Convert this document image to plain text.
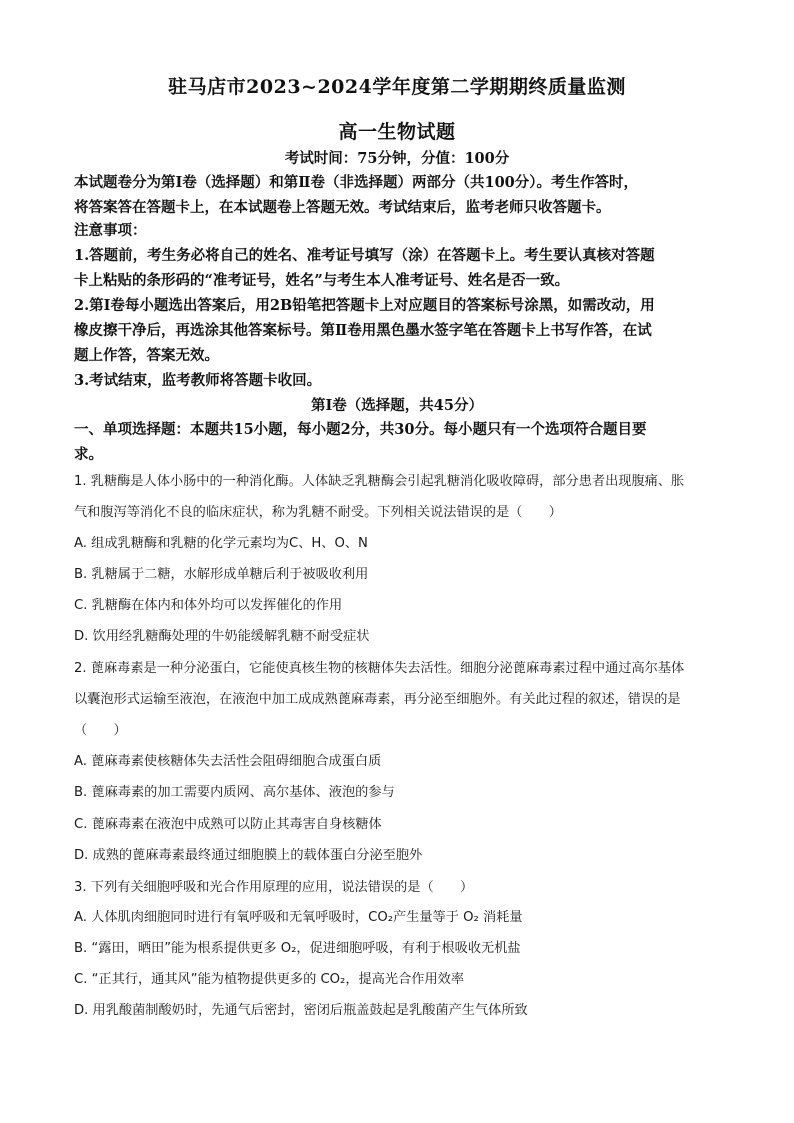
驻马店市2023~2024学年度第二学期期终质量监测
高一生物试题
考试时间：75分钟，分值：100分
本试题卷分为第Ⅰ卷（选择题）和第Ⅱ卷（非选择题）两部分（共100分）。考生作答时，
将答案答在答题卡上，在本试题卷上答题无效。考试结束后，监考老师只收答题卡。
注意事项：
1.答题前，考生务必将自己的姓名、准考证号填写（涂）在答题卡上。考生要认真核对答题
卡上粘贴的条形码的“准考证号，姓名”与考生本人准考证号、姓名是否一致。
2.第Ⅰ卷每小题选出答案后，用2B铅笔把答题卡上对应题目的答案标号涂黑，如需改动，用
橡皮擦干净后，再选涂其他答案标号。第Ⅱ卷用黑色墨水签字笔在答题卡上书写作答，在试
题上作答，答案无效。
3.考试结束，监考教师将答题卡收回。
第Ⅰ卷（选择题，共45分）
一、单项选择题：本题共15小题，每小题2分，共30分。每小题只有一个选项符合题目要
求。
1. 乳糖酶是人体小肠中的一种消化酶。人体缺乏乳糖酶会引起乳糖消化吸收障碍，部分患者出现腹痛、胀
气和腹泻等消化不良的临床症状，称为乳糖不耐受。下列相关说法错误的是（　　）
A. 组成乳糖酶和乳糖的化学元素均为C、H、O、N
B. 乳糖属于二糖，水解形成单糖后利于被吸收利用
C. 乳糖酶在体内和体外均可以发挥催化的作用
D. 饮用经乳糖酶处理的牛奶能缓解乳糖不耐受症状
2. 蓖麻毒素是一种分泌蛋白，它能使真核生物的核糖体失去活性。细胞分泌蓖麻毒素过程中通过高尔基体
以囊泡形式运输至液泡，在液泡中加工成成熟蓖麻毒素，再分泌至细胞外。有关此过程的叙述，错误的是
（　　）
A. 蓖麻毒素使核糖体失去活性会阻碍细胞合成蛋白质
B. 蓖麻毒素的加工需要内质网、高尔基体、液泡的参与
C. 蓖麻毒素在液泡中成熟可以防止其毒害自身核糖体
D. 成熟的蓖麻毒素最终通过细胞膜上的载体蛋白分泌至胞外
3. 下列有关细胞呼吸和光合作用原理的应用，说法错误的是（　　）
A. 人体肌肉细胞同时进行有氧呼吸和无氧呼吸时，CO₂产生量等于 O₂ 消耗量
B. “露田，晒田”能为根系提供更多 O₂，促进细胞呼吸，有利于根吸收无机盐
C. “正其行，通其风”能为植物提供更多的 CO₂，提高光合作用效率
D. 用乳酸菌制酸奶时，先通气后密封，密闭后瓶盖鼓起是乳酸菌产生气体所致
